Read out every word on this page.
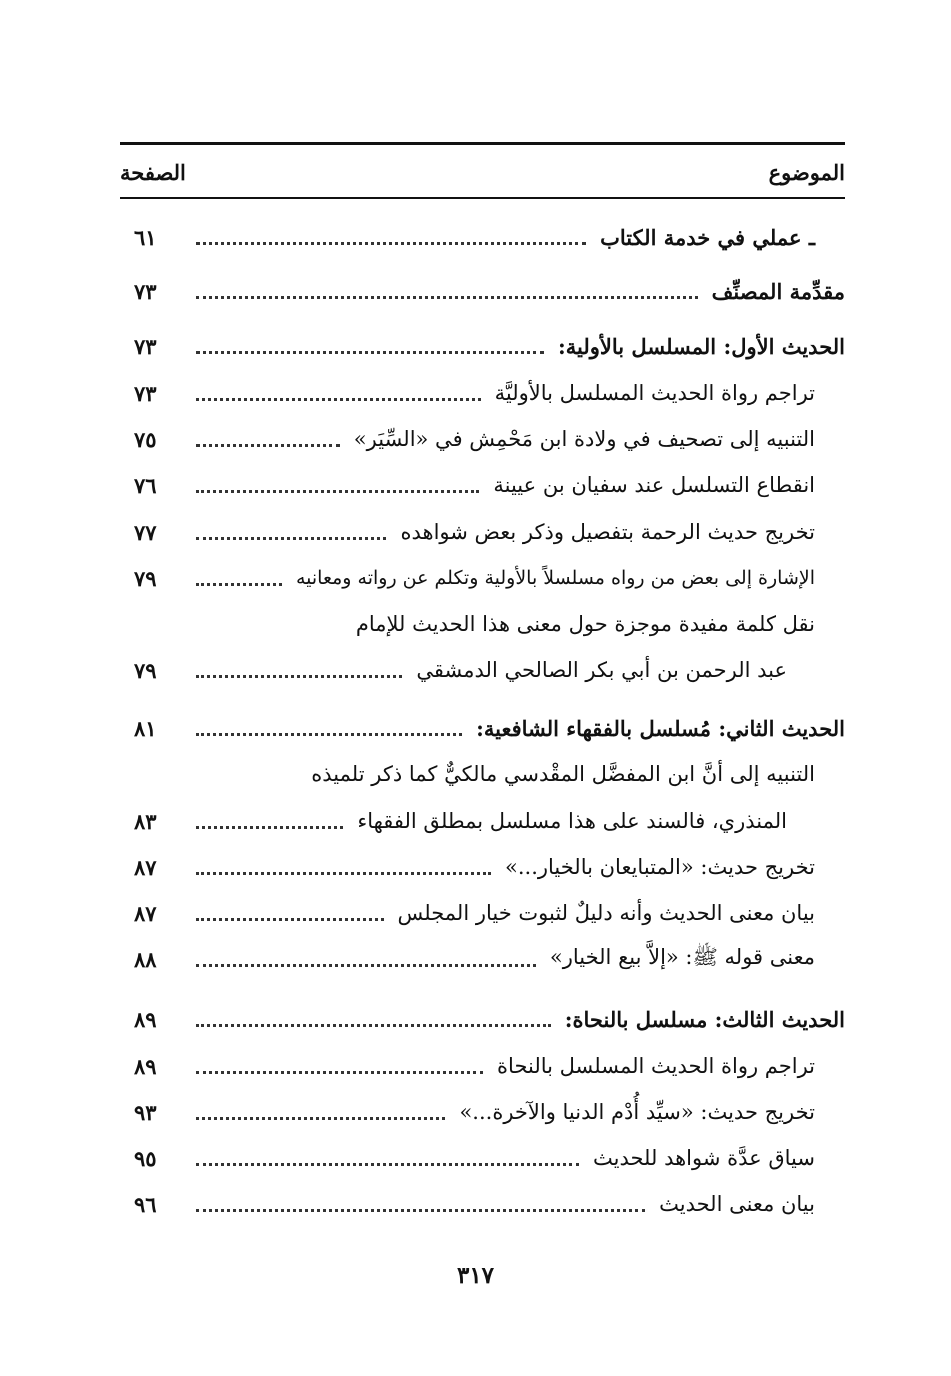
الموضوع
الصفحة
ـ عملي في خدمة الكتاب
٦١
مقدِّمة المصنِّف
٧٣
الحديث الأول: المسلسل بالأولية:
٧٣
تراجم رواة الحديث المسلسل بالأوليَّة
٧٣
التنبيه إلى تصحيف في ولادة ابن مَحْمِش في «السِّيَر»
٧٥
انقطاع التسلسل عند سفيان بن عيينة
٧٦
تخريج حديث الرحمة بتفصيل وذكر بعض شواهده
٧٧
الإشارة إلى بعض من رواه مسلسلاً بالأولية وتكلم عن رواته ومعانيه
٧٩
نقل كلمة مفيدة موجزة حول معنى هذا الحديث للإمام
عبد الرحمن بن أبي بكر الصالحي الدمشقي
٧٩
الحديث الثاني: مُسلسل بالفقهاء الشافعية:
٨١
التنبيه إلى أنَّ ابن المفضَّل المقْدسي مالكيٌّ كما ذكر تلميذه
المنذري، فالسند على هذا مسلسل بمطلق الفقهاء
٨٣
تخريج حديث: «المتبايعان بالخيار...»
٨٧
بيان معنى الحديث وأنه دليلٌ لثبوت خيار المجلس
٨٧
معنى قوله ﷺ: «إلاَّ بيع الخيار»
٨٨
الحديث الثالث: مسلسل بالنحاة:
٨٩
تراجم رواة الحديث المسلسل بالنحاة
٨٩
تخريج حديث: «سيِّد أُدْم الدنيا والآخرة...»
٩٣
سياق عدَّة شواهد للحديث
٩٥
بيان معنى الحديث
٩٦
٣١٧
